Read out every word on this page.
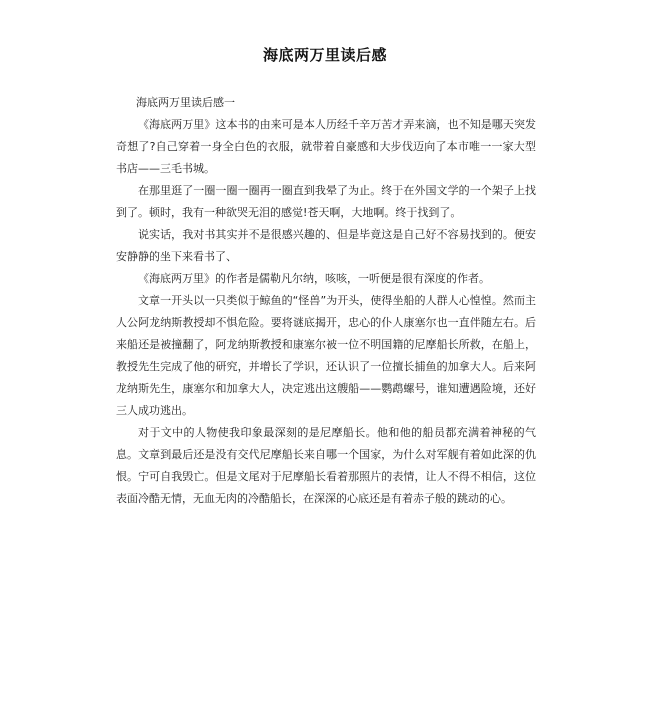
海底两万里读后感

海底两万里读后感一

《海底两万里》这本书的由来可是本人历经千辛万苦才弄来滴，也不知是哪天突发奇想了?自己穿着一身全白色的衣服，就带着自豪感和大步伐迈向了本市唯一一家大型书店——三毛书城。

在那里逛了一圈一圈一圈再一圈直到我晕了为止。终于在外国文学的一个架子上找到了。顿时，我有一种欲哭无泪的感觉!苍天啊，大地啊。终于找到了。

说实话，我对书其实并不是很感兴趣的、但是毕竟这是自己好不容易找到的。便安安静静的坐下来看书了、

《海底两万里》的作者是儒勒凡尔纳，咳咳，一听便是很有深度的作者。

文章一开头以一只类似于鲸鱼的“怪兽”为开头，使得坐船的人群人心惶惶。然而主人公阿龙纳斯教授却不惧危险。要将谜底揭开，忠心的仆人康塞尔也一直伴随左右。后来船还是被撞翻了，阿龙纳斯教授和康塞尔被一位不明国籍的尼摩船长所救，在船上，教授先生完成了他的研究，并增长了学识，还认识了一位擅长捕鱼的加拿大人。后来阿龙纳斯先生，康塞尔和加拿大人，决定逃出这艘船——鹦鹉螺号，谁知遭遇险境，还好三人成功逃出。

对于文中的人物使我印象最深刻的是尼摩船长。他和他的船员都充满着神秘的气息。文章到最后还是没有交代尼摩船长来自哪一个国家，为什么对军舰有着如此深的仇恨。宁可自我毁亡。但是文尾对于尼摩船长看着那照片的表情，让人不得不相信，这位表面冷酷无情，无血无肉的冷酷船长，在深深的心底还是有着赤子般的跳动的心。
